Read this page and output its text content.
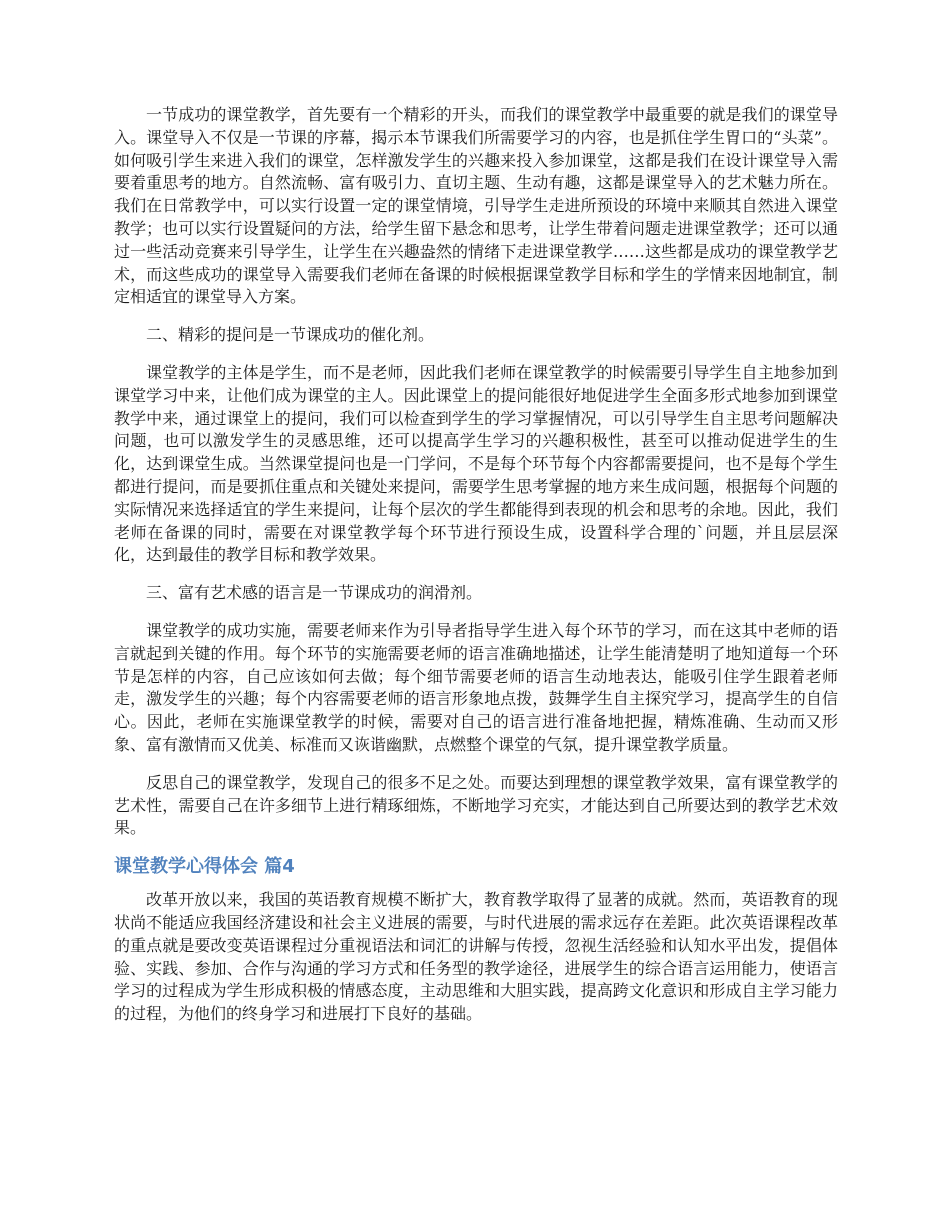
一节成功的课堂教学，首先要有一个精彩的开头，而我们的课堂教学中最重要的就是我们的课堂导入。课堂导入不仅是一节课的序幕，揭示本节课我们所需要学习的内容，也是抓住学生胃口的“头菜”。如何吸引学生来进入我们的课堂，怎样激发学生的兴趣来投入参加课堂，这都是我们在设计课堂导入需要着重思考的地方。自然流畅、富有吸引力、直切主题、生动有趣，这都是课堂导入的艺术魅力所在。我们在日常教学中，可以实行设置一定的课堂情境，引导学生走进所预设的环境中来顺其自然进入课堂教学；也可以实行设置疑问的方法，给学生留下悬念和思考，让学生带着问题走进课堂教学；还可以通过一些活动竞赛来引导学生，让学生在兴趣盎然的情绪下走进课堂教学……这些都是成功的课堂教学艺术，而这些成功的课堂导入需要我们老师在备课的时候根据课堂教学目标和学生的学情来因地制宜，制定相适宜的课堂导入方案。

二、精彩的提问是一节课成功的催化剂。

课堂教学的主体是学生，而不是老师，因此我们老师在课堂教学的时候需要引导学生自主地参加到课堂学习中来，让他们成为课堂的主人。因此课堂上的提问能很好地促进学生全面多形式地参加到课堂教学中来，通过课堂上的提问，我们可以检查到学生的学习掌握情况，可以引导学生自主思考问题解决问题，也可以激发学生的灵感思维，还可以提高学生学习的兴趣积极性，甚至可以推动促进学生的生化，达到课堂生成。当然课堂提问也是一门学问，不是每个环节每个内容都需要提问，也不是每个学生都进行提问，而是要抓住重点和关键处来提问，需要学生思考掌握的地方来生成问题，根据每个问题的实际情况来选择适宜的学生来提问，让每个层次的学生都能得到表现的机会和思考的余地。因此，我们老师在备课的同时，需要在对课堂教学每个环节进行预设生成，设置科学合理的`问题，并且层层深化，达到最佳的教学目标和教学效果。

三、富有艺术感的语言是一节课成功的润滑剂。

课堂教学的成功实施，需要老师来作为引导者指导学生进入每个环节的学习，而在这其中老师的语言就起到关键的作用。每个环节的实施需要老师的语言准确地描述，让学生能清楚明了地知道每一个环节是怎样的内容，自己应该如何去做；每个细节需要老师的语言生动地表达，能吸引住学生跟着老师走，激发学生的兴趣；每个内容需要老师的语言形象地点拨，鼓舞学生自主探究学习，提高学生的自信心。因此，老师在实施课堂教学的时候，需要对自己的语言进行准备地把握，精炼准确、生动而又形象、富有激情而又优美、标准而又诙谐幽默，点燃整个课堂的气氛，提升课堂教学质量。

反思自己的课堂教学，发现自己的很多不足之处。而要达到理想的课堂教学效果，富有课堂教学的艺术性，需要自己在许多细节上进行精琢细炼，不断地学习充实，才能达到自己所要达到的教学艺术效果。

课堂教学心得体会 篇4

改革开放以来，我国的英语教育规模不断扩大，教育教学取得了显著的成就。然而，英语教育的现状尚不能适应我国经济建设和社会主义进展的需要，与时代进展的需求远存在差距。此次英语课程改革的重点就是要改变英语课程过分重视语法和词汇的讲解与传授，忽视生活经验和认知水平出发，提倡体验、实践、参加、合作与沟通的学习方式和任务型的教学途径，进展学生的综合语言运用能力，使语言学习的过程成为学生形成积极的情感态度，主动思维和大胆实践，提高跨文化意识和形成自主学习能力的过程，为他们的终身学习和进展打下良好的基础。
